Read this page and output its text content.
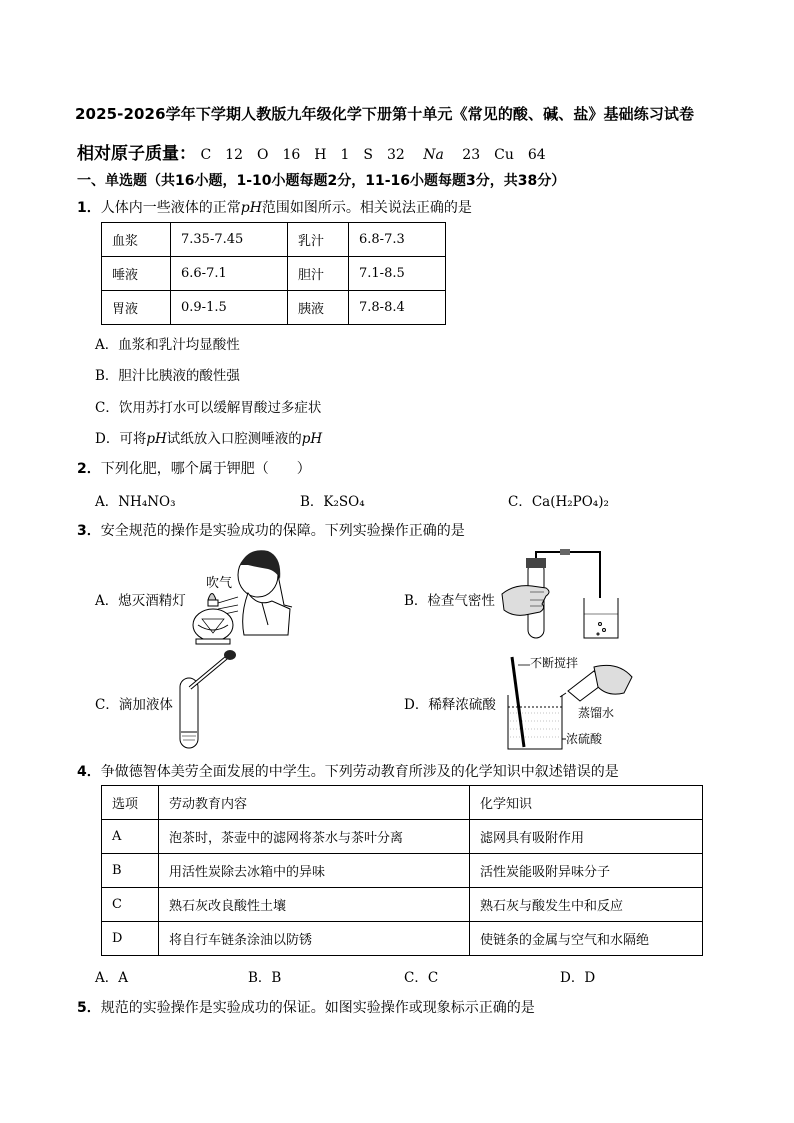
2025-2026学年下学期人教版九年级化学下册第十单元《常见的酸、碱、盐》基础练习试卷
相对原子质量： C　12　O　16　H　1　S　32　 Na 　23　Cu　64
一、单选题（共16小题，1-10小题每题2分，11-16小题每题3分，共38分）
1．人体内一些液体的正常pH范围如图所示。相关说法正确的是
血浆	7.35-7.45	乳汁	6.8-7.3
唾液	6.6-7.1	胆汁	7.1-8.5
胃液	0.9-1.5	胰液	7.8-8.4
A．血浆和乳汁均显酸性
B．胆汁比胰液的酸性强
C．饮用苏打水可以缓解胃酸过多症状
D．可将pH试纸放入口腔测唾液的pH
2．下列化肥，哪个属于钾肥（　　）
A．NH₄NO₃	B．K₂SO₄	C．Ca(H₂PO₄)₂
3．安全规范的操作是实验成功的保障。下列实验操作正确的是
A．熄灭酒精灯	B．检查气密性
C．滴加液体	D．稀释浓硫酸
吹气
不断搅拌
蒸馏水
浓硫酸
4．争做德智体美劳全面发展的中学生。下列劳动教育所涉及的化学知识中叙述错误的是
选项	劳动教育内容	化学知识
A	泡茶时，茶壶中的滤网将茶水与茶叶分离	滤网具有吸附作用
B	用活性炭除去冰箱中的异味	活性炭能吸附异味分子
C	熟石灰改良酸性土壤	熟石灰与酸发生中和反应
D	将自行车链条涂油以防锈	使链条的金属与空气和水隔绝
A．A	B．B	C．C	D．D
5．规范的实验操作是实验成功的保证。如图实验操作或现象标示正确的是
